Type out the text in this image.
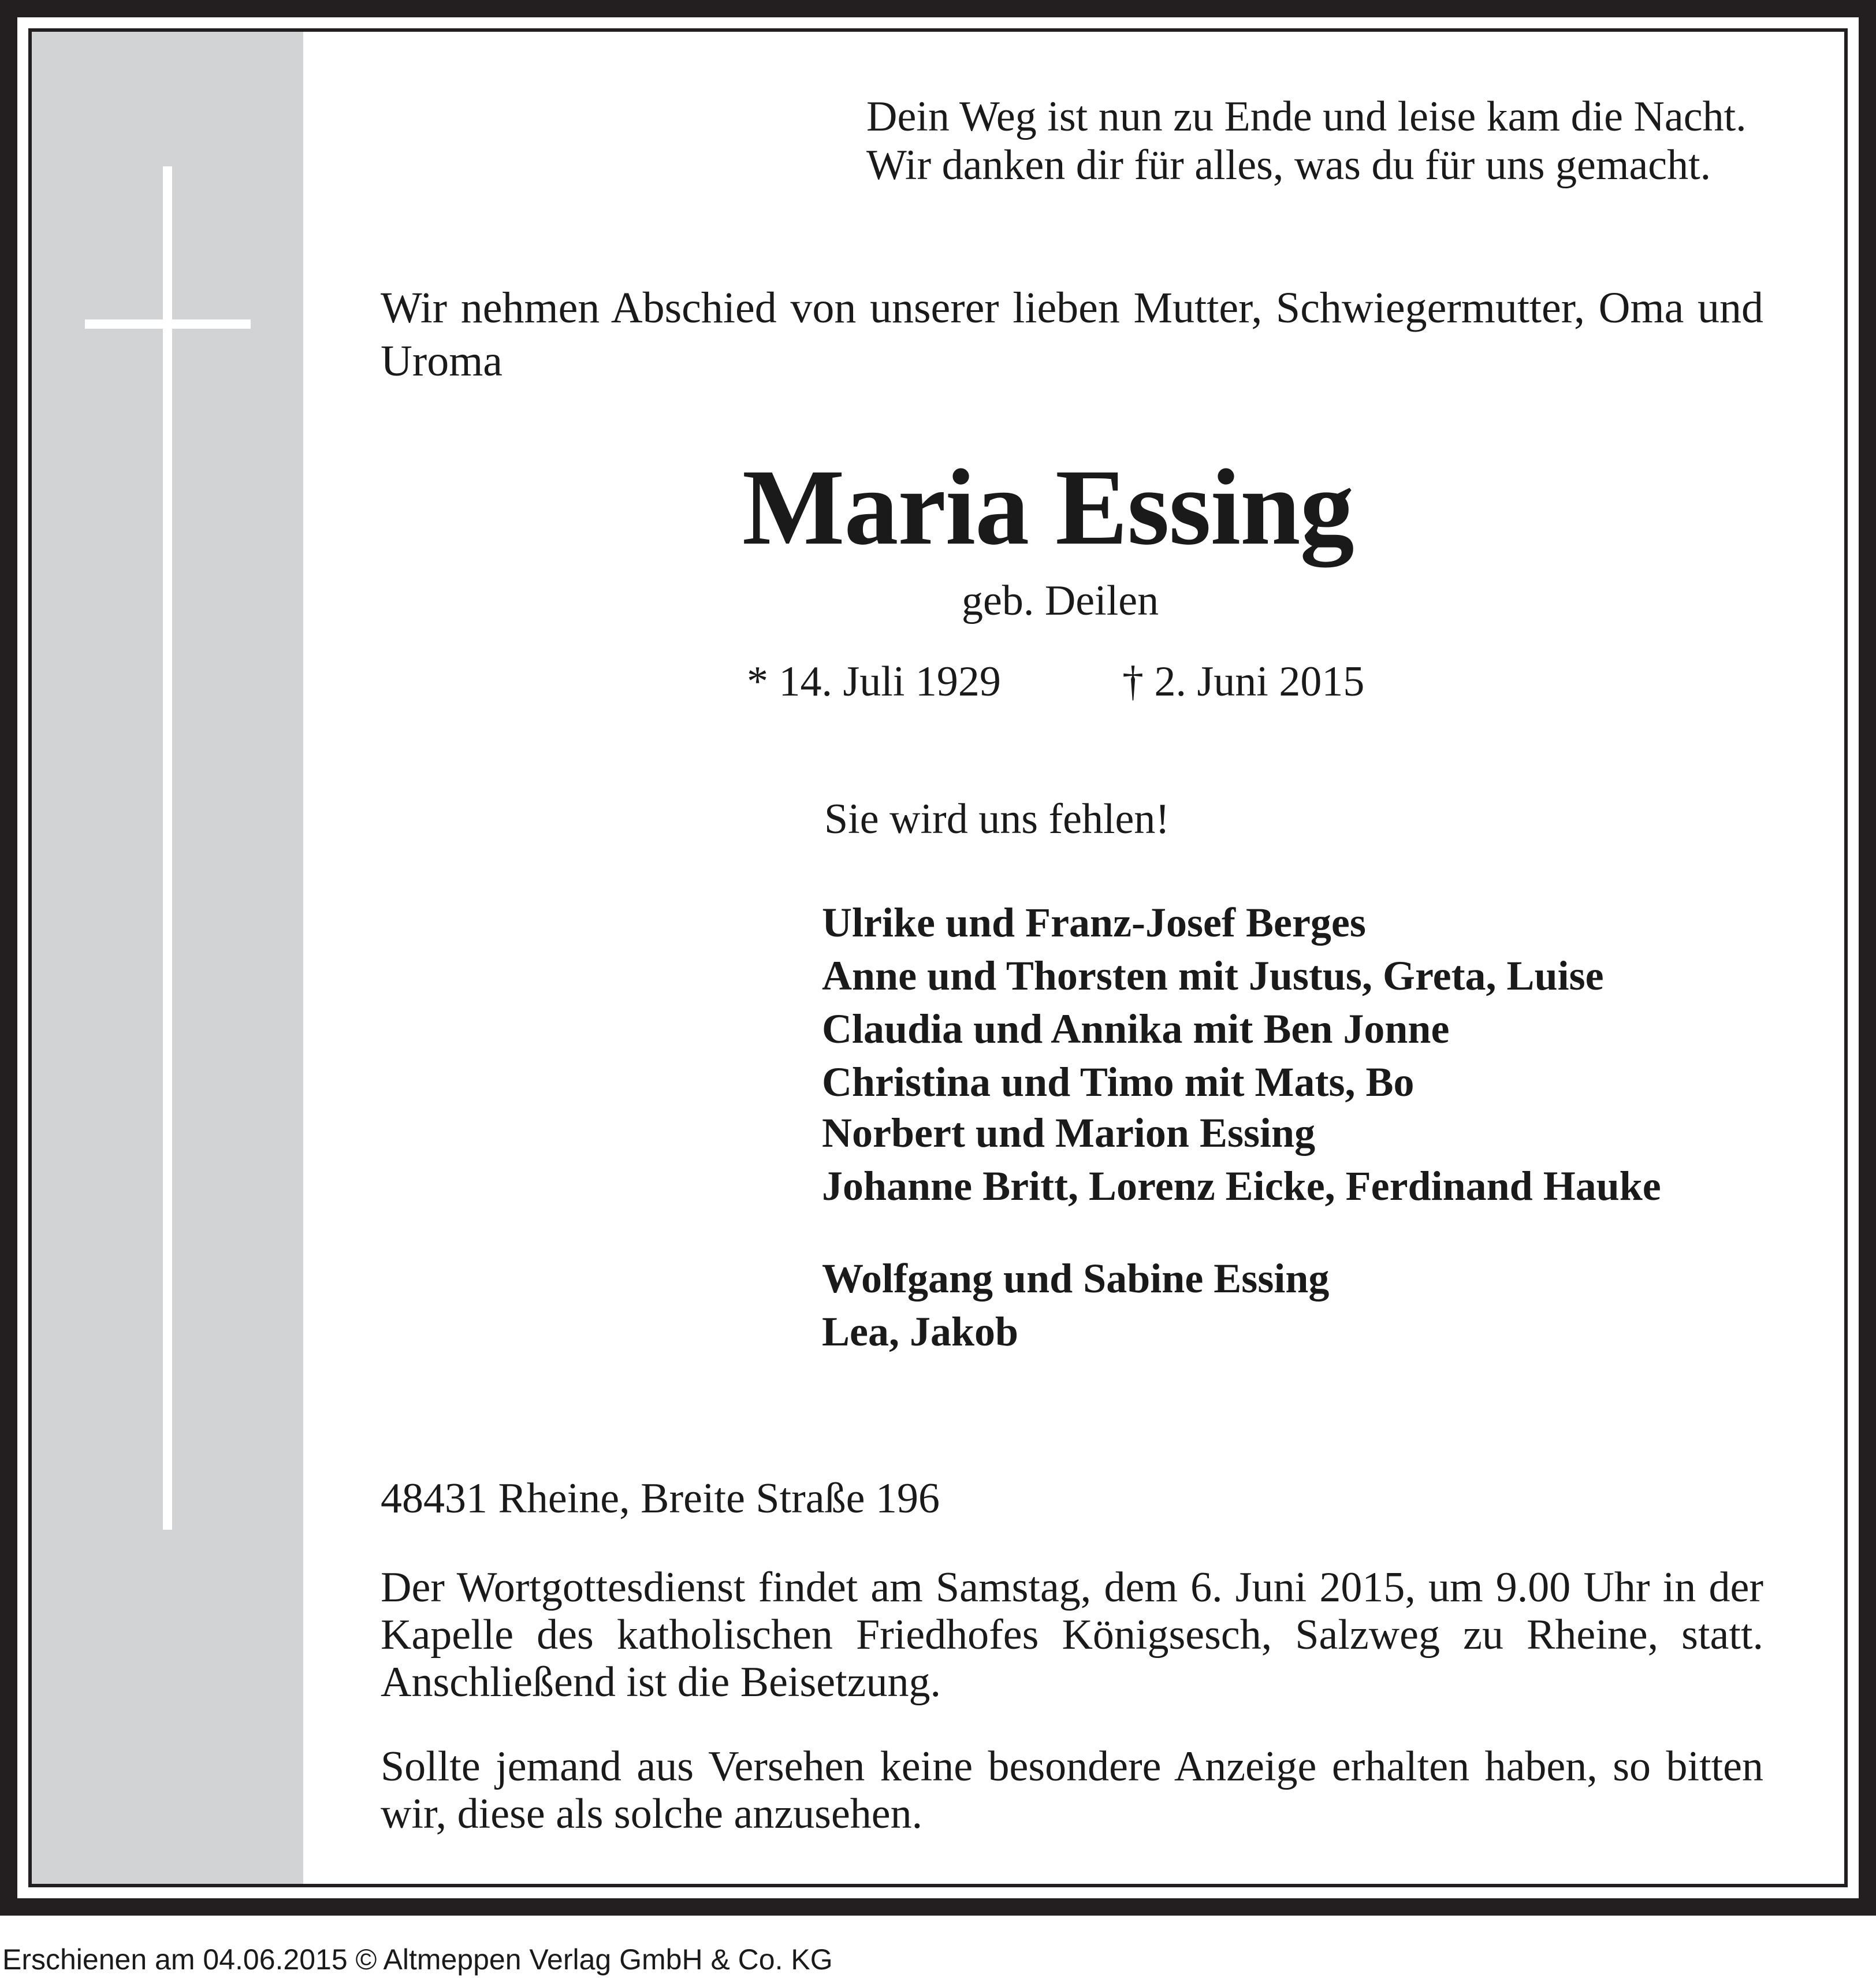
Dein Weg ist nun zu Ende und leise kam die Nacht.
Wir danken dir für alles, was du für uns gemacht.
Wir nehmen Abschied von unserer lieben Mutter, Schwiegermutter, Oma und Uroma
Maria Essing
geb. Deilen
* 14. Juli 1929	† 2. Juni 2015
Sie wird uns fehlen!
Ulrike und Franz-Josef Berges
Anne und Thorsten mit Justus, Greta, Luise
Claudia und Annika mit Ben Jonne
Christina und Timo mit Mats, Bo
Norbert und Marion Essing
Johanne Britt, Lorenz Eicke, Ferdinand Hauke
Wolfgang und Sabine Essing
Lea, Jakob
48431 Rheine, Breite Straße 196
Der Wortgottesdienst findet am Samstag, dem 6. Juni 2015, um 9.00 Uhr in der Kapelle des katholischen Friedhofes Königsesch, Salzweg zu Rheine, statt. Anschließend ist die Beisetzung.
Sollte jemand aus Versehen keine besondere Anzeige erhalten haben, so bitten wir, diese als solche anzusehen.
Erschienen am 04.06.2015 © Altmeppen Verlag GmbH & Co. KG
